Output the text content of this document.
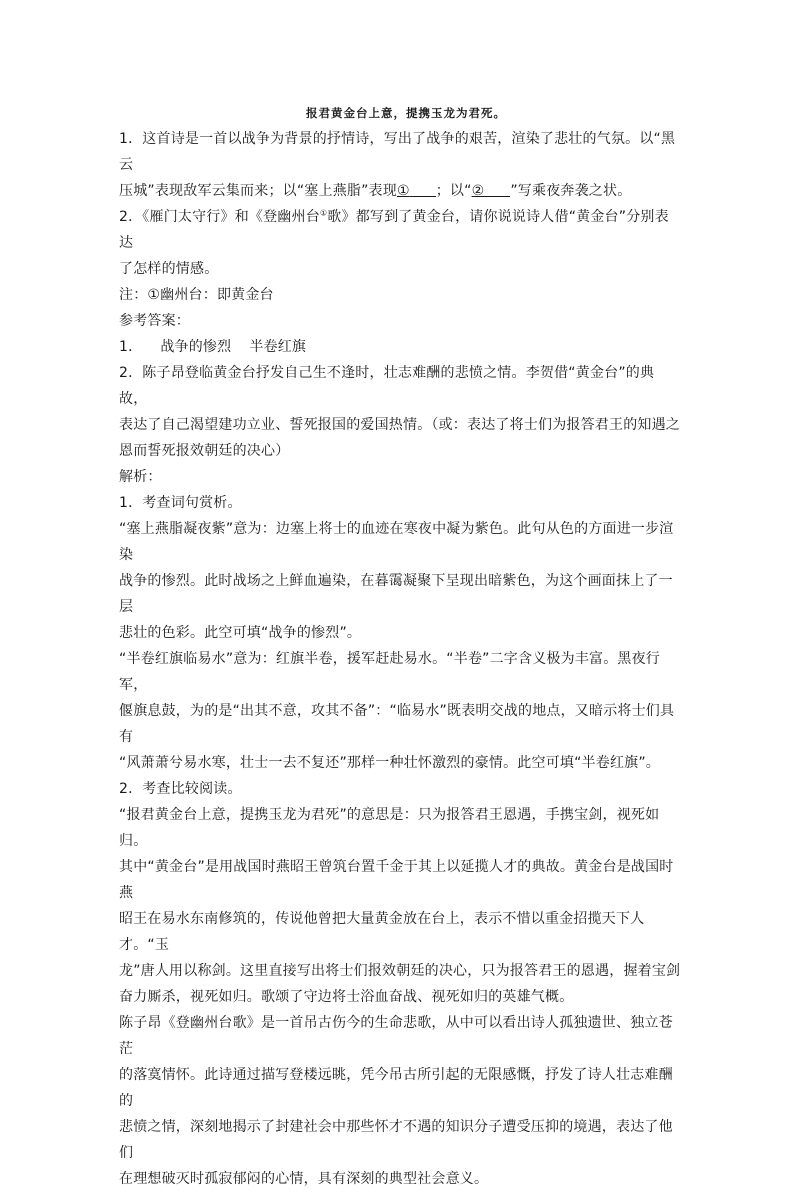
报君黄金台上意，提携玉龙为君死。

1．这首诗是一首以战争为背景的抒情诗，写出了战争的艰苦，渲染了悲壮的气氛。以“黑云
压城”表现敌军云集而来；以“塞上燕脂”表现① ；以“② ”写乘夜奔袭之状。

2．《雁门太守行》和《登幽州台①歌》都写到了黄金台，请你说说诗人借“黄金台”分别表达
了怎样的情感。

注：①幽州台：即黄金台

参考答案：

1． 战争的惨烈 半卷红旗

2．陈子昂登临黄金台抒发自己生不逢时，壮志难酬的悲愤之情。李贺借“黄金台”的典故，
表达了自己渴望建功立业、誓死报国的爱国热情。（或：表达了将士们为报答君王的知遇之
恩而誓死报效朝廷的决心）

解析：

1．考查词句赏析。

“塞上燕脂凝夜紫”意为：边塞上将士的血迹在寒夜中凝为紫色。此句从色的方面进一步渲染
战争的惨烈。此时战场之上鲜血遍染，在暮霭凝聚下呈现出暗紫色，为这个画面抹上了一层
悲壮的色彩。此空可填“战争的惨烈”。

“半卷红旗临易水”意为：红旗半卷，援军赶赴易水。“半卷”二字含义极为丰富。黑夜行军，
偃旗息鼓，为的是“出其不意，攻其不备”：“临易水”既表明交战的地点，又暗示将士们具有
“风萧萧兮易水寒，壮士一去不复还”那样一种壮怀激烈的豪情。此空可填“半卷红旗”。

2．考查比较阅读。

“报君黄金台上意，提携玉龙为君死”的意思是：只为报答君王恩遇，手携宝剑，视死如归。
其中“黄金台”是用战国时燕昭王曾筑台置千金于其上以延揽人才的典故。黄金台是战国时燕
昭王在易水东南修筑的，传说他曾把大量黄金放在台上，表示不惜以重金招揽天下人才。“玉
龙”唐人用以称剑。这里直接写出将士们报效朝廷的决心，只为报答君王的恩遇，握着宝剑
奋力厮杀，视死如归。歌颂了守边将士浴血奋战、视死如归的英雄气概。

陈子昂《登幽州台歌》是一首吊古伤今的生命悲歌，从中可以看出诗人孤独遗世、独立苍茫
的落寞情怀。此诗通过描写登楼远眺，凭今吊古所引起的无限感慨，抒发了诗人壮志难酬的
悲愤之情，深刻地揭示了封建社会中那些怀才不遇的知识分子遭受压抑的境遇，表达了他们
在理想破灭时孤寂郁闷的心情，具有深刻的典型社会意义。
